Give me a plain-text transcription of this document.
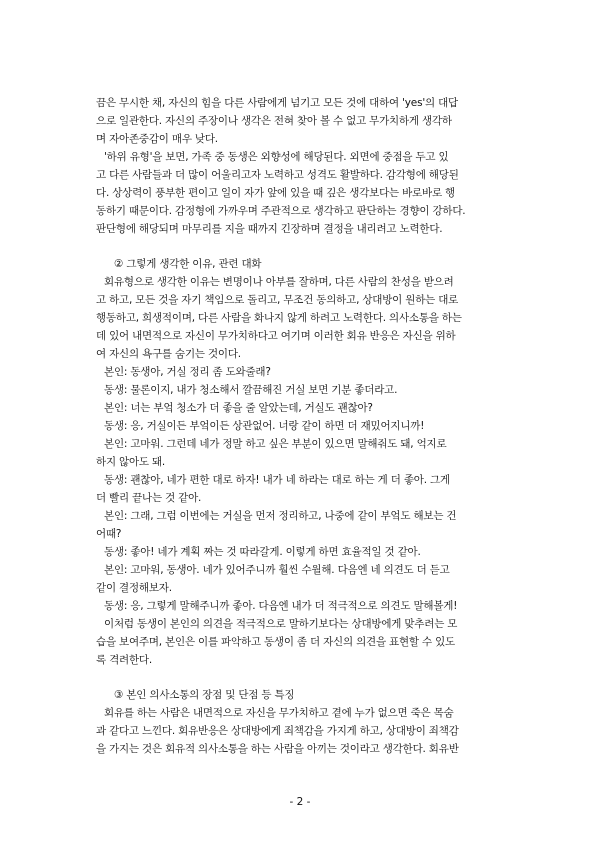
끔은 무시한 채, 자신의 힘을 다른 사람에게 넘기고 모든 것에 대하여 'yes'의 대답
으로 일관한다. 자신의 주장이나 생각은 전혀 찾아 볼 수 없고 무가치하게 생각하
며 자아존중감이 매우 낮다.
'하위 유형'을 보면, 가족 중 동생은 외향성에 해당된다. 외면에 중점을 두고 있
고 다른 사람들과 더 많이 어울리고자 노력하고 성격도 활발하다. 감각형에 해당된
다. 상상력이 풍부한 편이고 일이 자가 앞에 있을 때 깊은 생각보다는 바로바로 행
동하기 때문이다. 감정형에 가까우며 주관적으로 생각하고 판단하는 경향이 강하다.
판단형에 해당되며 마무리를 지을 때까지 긴장하며 결정을 내리려고 노력한다.
② 그렇게 생각한 이유, 관련 대화
회유형으로 생각한 이유는 변명이나 아부를 잘하며, 다른 사람의 찬성을 받으려
고 하고, 모든 것을 자기 책임으로 돌리고, 무조건 동의하고, 상대방이 원하는 대로
행동하고, 희생적이며, 다른 사람을 화나지 않게 하려고 노력한다. 의사소통을 하는
데 있어 내면적으로 자신이 무가치하다고 여기며 이러한 회유 반응은 자신을 위하
여 자신의 욕구를 숨기는 것이다.
본인: 동생아, 거실 정리 좀 도와줄래?
동생: 물론이지, 내가 청소해서 깔끔해진 거실 보면 기분 좋더라고.
본인: 너는 부엌 청소가 더 좋을 줄 알았는데, 거실도 괜찮아?
동생: 응, 거실이든 부엌이든 상관없어. 너랑 같이 하면 더 재밌어지니까!
본인: 고마워. 그런데 네가 정말 하고 싶은 부분이 있으면 말해줘도 돼, 억지로
하지 않아도 돼.
동생: 괜찮아, 네가 편한 대로 하자! 내가 네 하라는 대로 하는 게 더 좋아. 그게
더 빨리 끝나는 것 같아.
본인: 그래, 그럼 이번에는 거실을 먼저 정리하고, 나중에 같이 부엌도 해보는 건
어때?
동생: 좋아! 네가 계획 짜는 것 따라갈게. 이렇게 하면 효율적일 것 같아.
본인: 고마워, 동생아. 네가 있어주니까 훨씬 수월해. 다음엔 네 의견도 더 듣고
같이 결정해보자.
동생: 응, 그렇게 말해주니까 좋아. 다음엔 내가 더 적극적으로 의견도 말해볼게!
이처럼 동생이 본인의 의견을 적극적으로 말하기보다는 상대방에게 맞추려는 모
습을 보여주며, 본인은 이를 파악하고 동생이 좀 더 자신의 의견을 표현할 수 있도
록 격려한다.
③ 본인 의사소통의 장점 및 단점 등 특징
회유를 하는 사람은 내면적으로 자신을 무가치하고 곁에 누가 없으면 죽은 목숨
과 같다고 느낀다. 회유반응은 상대방에게 죄책감을 가지게 하고, 상대방이 죄책감
을 가지는 것은 회유적 의사소통을 하는 사람을 아끼는 것이라고 생각한다. 회유반
- 2 -
